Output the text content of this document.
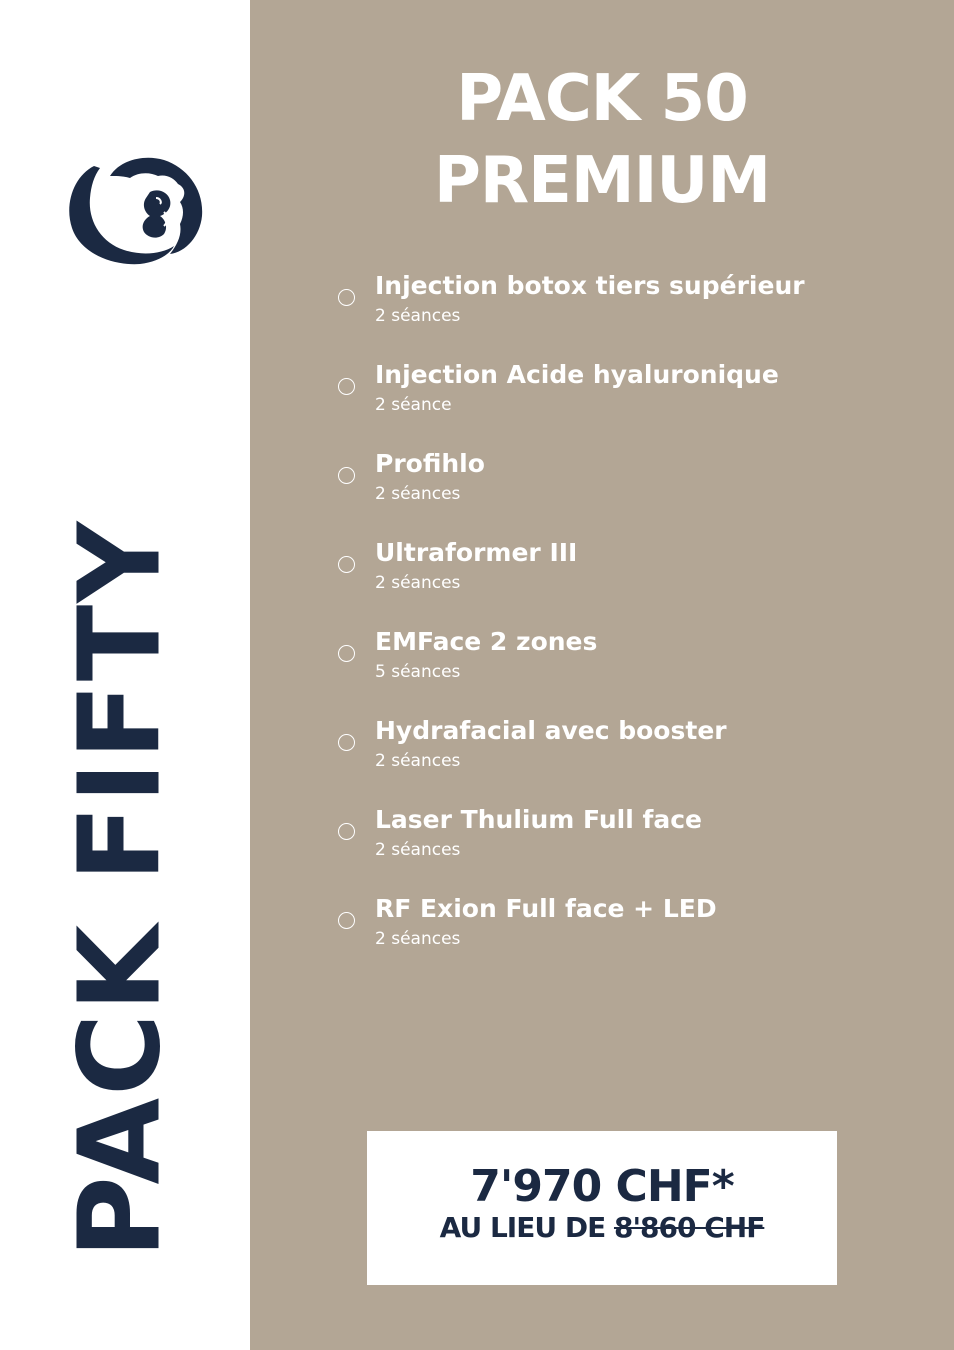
PACK FIFTY
PACK 50
PREMIUM
Injection botox tiers supérieur
2 séances
Injection Acide hyaluronique
2 séance
Profihlo
2 séances
Ultraformer III
2 séances
EMFace 2 zones
5 séances
Hydrafacial avec booster
2 séances
Laser Thulium Full face
2 séances
RF Exion Full face + LED
2 séances
7'970 CHF*
AU LIEU DE 8'860 CHF
